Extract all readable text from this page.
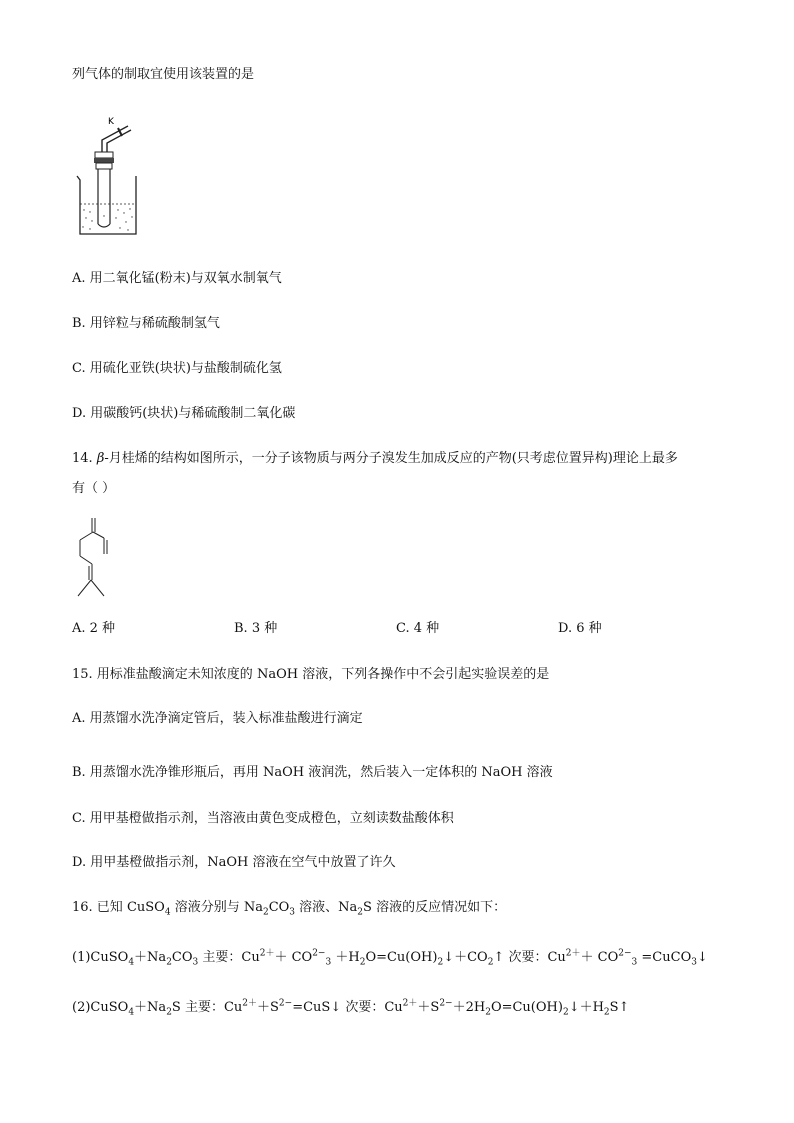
列气体的制取宜使用该装置的是
K
A. 用二氧化锰(粉末)与双氧水制氧气
B. 用锌粒与稀硫酸制氢气
C. 用硫化亚铁(块状)与盐酸制硫化氢
D. 用碳酸钙(块状)与稀硫酸制二氧化碳
14. β-月桂烯的结构如图所示，一分子该物质与两分子溴发生加成反应的产物(只考虑位置异构)理论上最多
有（ ）
A. 2 种	B. 3 种	C. 4 种	D. 6 种
15. 用标准盐酸滴定未知浓度的 NaOH 溶液，下列各操作中不会引起实验误差的是
A. 用蒸馏水洗净滴定管后，装入标准盐酸进行滴定
B. 用蒸馏水洗净锥形瓶后，再用 NaOH 液润洗，然后装入一定体积的 NaOH 溶液
C. 用甲基橙做指示剂，当溶液由黄色变成橙色，立刻读数盐酸体积
D. 用甲基橙做指示剂，NaOH 溶液在空气中放置了许久
16. 已知 CuSO$_4$ 溶液分别与 $Na_2CO_3$ 溶液、$Na_2S$ 溶液的反应情况如下：
$(1)CuSO_4+Na_2CO_3$ 主要：$Cu^{2+}+ CO^{2-}_3$ $+H_2O=Cu(OH)_2↓+CO_2↑$ 次要：$Cu^{2+}+ CO^{2-}_3$ =CuCO$_3$↓
$(2)CuSO_4+Na_2S$ 主要：$Cu^{2+}+S^{2-}=CuS↓$ 次要：$Cu^{2+}+S^{2-}+2H_2O=Cu(OH)_2↓+H_2S↑$
